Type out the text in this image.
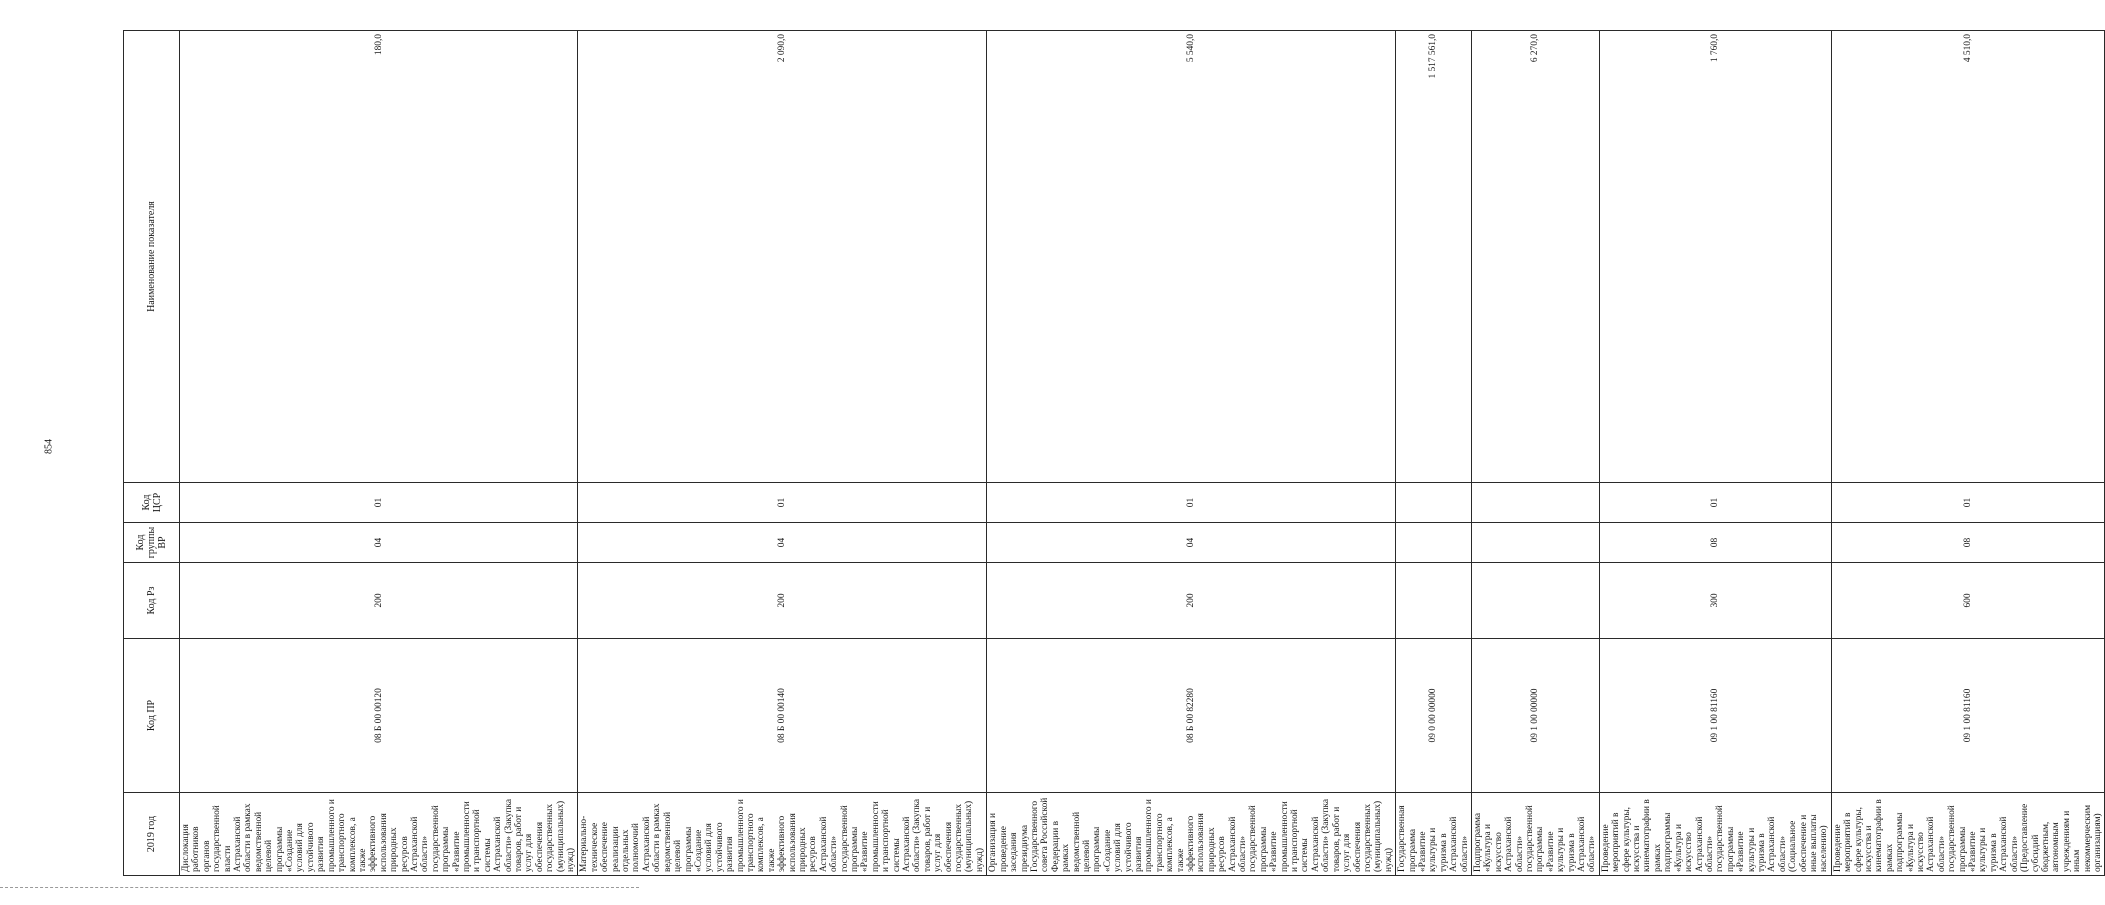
854
2019 год	Код ПР	Код Рз	Код группы ВР	Код ЦСР	Наименование показателя
Дислокация работников органов государственной власти Астраханской области в рамках ведомственной целевой программы «Создание условий для устойчивого развития промышленного и транспортного комплексов, а также эффективного использования природных ресурсов Астраханской области» государственной программы «Развитие промышленности и транспортной системы Астраханской области» (Закупка товаров, работ и услуг для обеспечения государственных (муниципальных) нужд)	08 Б 00 00120	200	04	01	180,0
Материально-техническое обеспечение реализации отдельных полномочий Астраханской области в рамках ведомственной целевой программы «Создание условий для устойчивого развития промышленного и транспортного комплексов, а также эффективного использования природных ресурсов Астраханской области» государственной программы «Развитие промышленности и транспортной системы Астраханской области» (Закупка товаров, работ и услуг для обеспечения государственных (муниципальных) нужд)	08 Б 00 00140	200	04	01	2 090,0
Организация и проведение заседания президиума Государственного совета Российской Федерации в рамках ведомственной целевой программы «Создание условий для устойчивого развития промышленного и транспортного комплексов, а также эффективного использования природных ресурсов Астраханской области» государственной программы «Развитие промышленности и транспортной системы Астраханской области» (Закупка товаров, работ и услуг для обеспечения государственных (муниципальных) нужд)	08 Б 00 82280	200	04	01	5 540,0
Государственная программа «Развитие культуры и туризма в Астраханской области»	09 0 00 00000				1 517 561,0
Подпрограмма «Культура и искусство Астраханской области» государственной программы «Развитие культуры и туризма в Астраханской области»	09 1 00 00000				6 270,0
Проведение мероприятий в сфере культуры, искусства и кинематографии в рамках подпрограммы «Культура и искусство Астраханской области» государственной программы «Развитие культуры и туризма в Астраханской области» (Социальное обеспечение и иные выплаты населению)	09 1 00 81160	300	08	01	1 760,0
Проведение мероприятий в сфере культуры, искусства и кинематографии в рамках подпрограммы «Культура и искусство Астраханской области» государственной программы «Развитие культуры и туризма в Астраханской области» (Предоставление субсидий бюджетным, автономным учреждениям и иным некоммерческим организациям)	09 1 00 81160	600	08	01	4 510,0
